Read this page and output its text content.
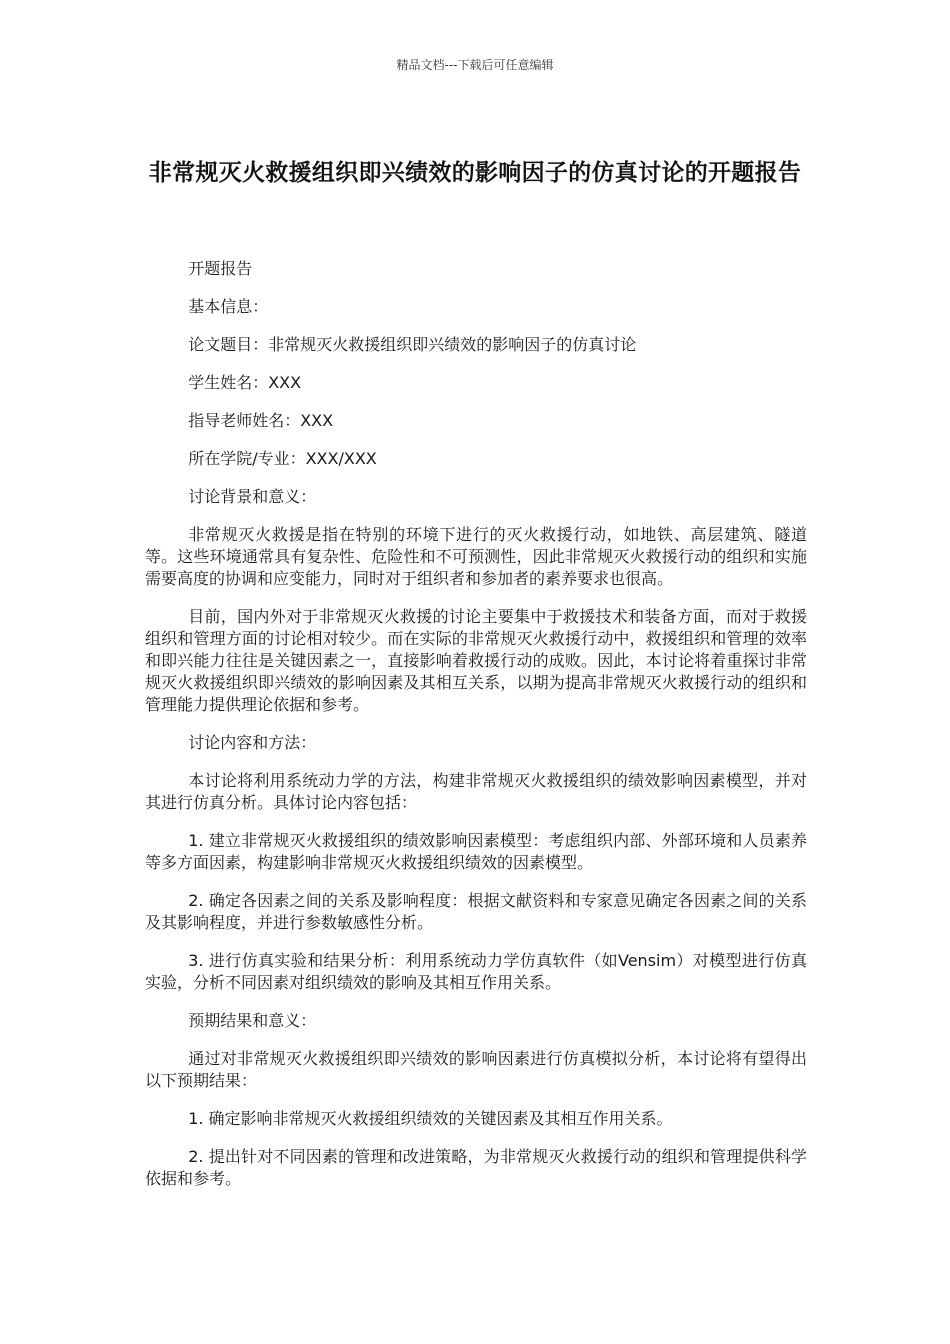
精品文档---下载后可任意编辑
非常规灭火救援组织即兴绩效的影响因子的仿真讨论的开题报告

开题报告

基本信息：

论文题目：非常规灭火救援组织即兴绩效的影响因子的仿真讨论

学生姓名：XXX

指导老师姓名：XXX

所在学院/专业：XXX/XXX

讨论背景和意义：

非常规灭火救援是指在特别的环境下进行的灭火救援行动，如地铁、高层建筑、隧道等。这些环境通常具有复杂性、危险性和不可预测性，因此非常规灭火救援行动的组织和实施需要高度的协调和应变能力，同时对于组织者和参加者的素养要求也很高。

目前，国内外对于非常规灭火救援的讨论主要集中于救援技术和装备方面，而对于救援组织和管理方面的讨论相对较少。而在实际的非常规灭火救援行动中，救援组织和管理的效率和即兴能力往往是关键因素之一，直接影响着救援行动的成败。因此，本讨论将着重探讨非常规灭火救援组织即兴绩效的影响因素及其相互关系，以期为提高非常规灭火救援行动的组织和管理能力提供理论依据和参考。

讨论内容和方法：

本讨论将利用系统动力学的方法，构建非常规灭火救援组织的绩效影响因素模型，并对其进行仿真分析。具体讨论内容包括：

1. 建立非常规灭火救援组织的绩效影响因素模型：考虑组织内部、外部环境和人员素养等多方面因素，构建影响非常规灭火救援组织绩效的因素模型。

2. 确定各因素之间的关系及影响程度：根据文献资料和专家意见确定各因素之间的关系及其影响程度，并进行参数敏感性分析。

3. 进行仿真实验和结果分析：利用系统动力学仿真软件（如Vensim）对模型进行仿真实验，分析不同因素对组织绩效的影响及其相互作用关系。

预期结果和意义：

通过对非常规灭火救援组织即兴绩效的影响因素进行仿真模拟分析，本讨论将有望得出以下预期结果：

1. 确定影响非常规灭火救援组织绩效的关键因素及其相互作用关系。

2. 提出针对不同因素的管理和改进策略，为非常规灭火救援行动的组织和管理提供科学依据和参考。
